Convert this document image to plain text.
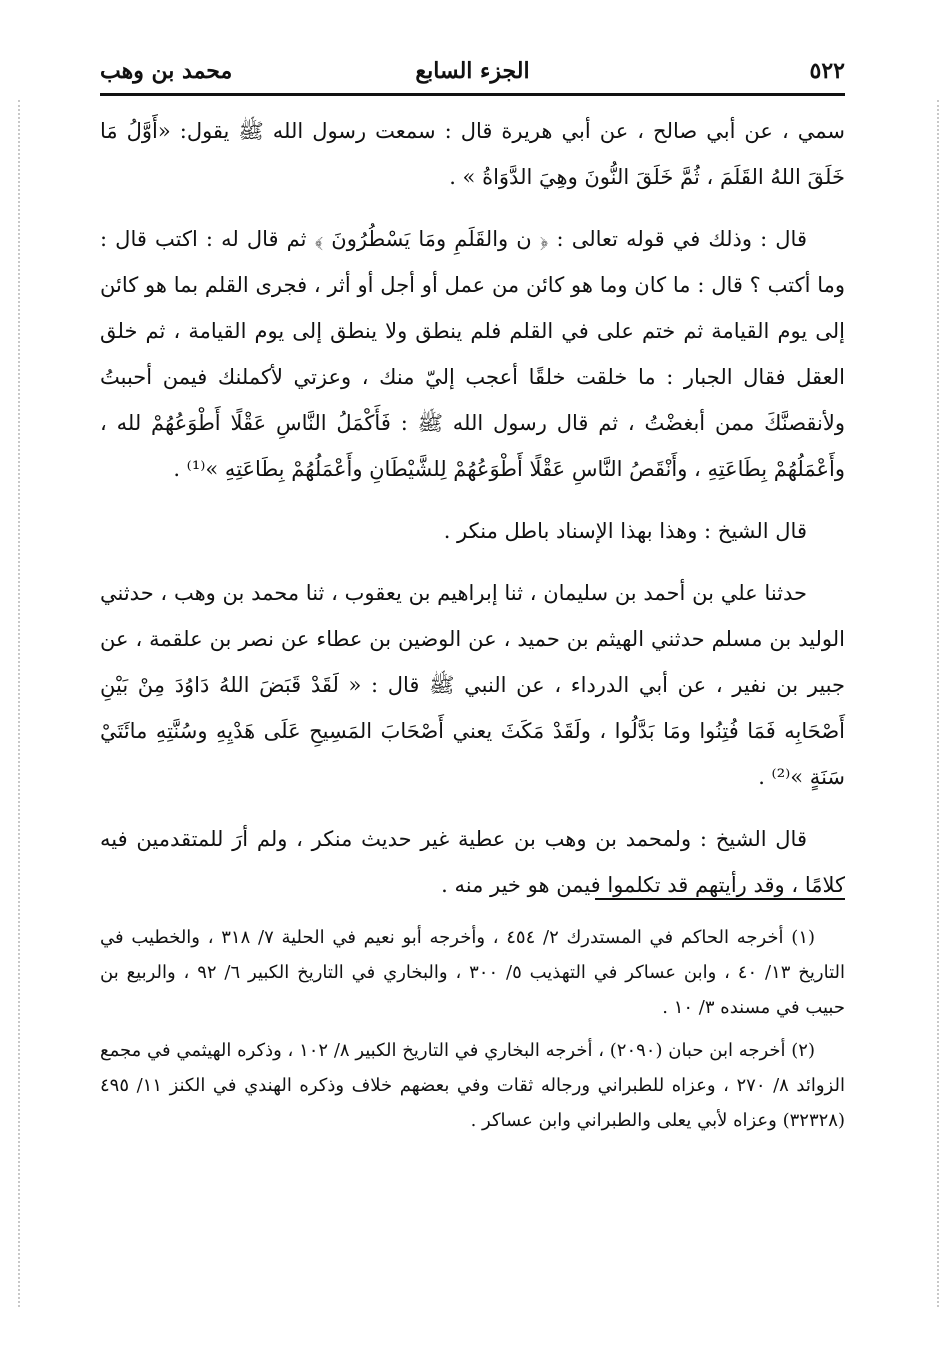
٥٢٢
الجزء السابع
محمد بن وهب

سمي ، عن أبي صالح ، عن أبي هريرة قال : سمعت رسول الله ﷺ يقول: «أَوَّلُ مَا خَلَقَ اللهُ القَلَمَ ، ثُمَّ خَلَقَ النُّونَ وهِيَ الدَّوَاةُ » .

قال : وذلك في قوله تعالى : ﴿ ن والقَلَمِ ومَا يَسْطُرُونَ ﴾ ثم قال له : اكتب قال : وما أكتب ؟ قال : ما كان وما هو كائن من عمل أو أجل أو أثر ، فجرى القلم بما هو كائن إلى يوم القيامة ثم ختم على في القلم فلم ينطق ولا ينطق إلى يوم القيامة ، ثم خلق العقل فقال الجبار : ما خلقت خلقًا أعجب إليّ منك ، وعزتي لأكملنك فيمن أحببتُ ولأنقصنَّكَ ممن أبغضْتُ ، ثم قال رسول الله ﷺ : فَأَكْمَلُ النَّاسِ عَقْلًا أَطْوَعُهُمْ لله ، وأَعْمَلُهُمْ بِطَاعَتِهِ ، وأَنْقَصُ النَّاسِ عَقْلًا أَطْوَعُهُمْ لِلشَّيْطَانِ وأَعْمَلُهُمْ بِطَاعَتِهِ »⁽¹⁾ .

قال الشيخ : وهذا بهذا الإسناد باطل منكر .

حدثنا علي بن أحمد بن سليمان ، ثنا إبراهيم بن يعقوب ، ثنا محمد بن وهب ، حدثني الوليد بن مسلم حدثني الهيثم بن حميد ، عن الوضين بن عطاء عن نصر بن علقمة ، عن جبير بن نفير ، عن أبي الدرداء ، عن النبي ﷺ قال : « لَقَدْ قَبَضَ اللهُ دَاوُدَ مِنْ بَيْنِ أَصْحَابِه فَمَا فُتِنُوا ومَا بَدَّلُوا ، ولَقَدْ مَكَثَ يعني أَصْحَابَ المَسِيحِ عَلَى هَدْيِهِ وسُنَّتِهِ مائَتَيْ سَنَةٍ »⁽²⁾ .

قال الشيخ : ولمحمد بن وهب بن عطية غير حديث منكر ، ولم أرَ للمتقدمين فيه كلامًا ، وقد رأيتهم قد تكلموا فيمن هو خير منه .

(١) أخرجه الحاكم في المستدرك ٢/ ٤٥٤ ، وأخرجه أبو نعيم في الحلية ٧/ ٣١٨ ، والخطيب في التاريخ ١٣/ ٤٠ ، وابن عساكر في التهذيب ٥/ ٣٠٠ ، والبخاري في التاريخ الكبير ٦/ ٩٢ ، والربيع بن حبيب في مسنده ٣/ ١٠ .

(٢) أخرجه ابن حبان (٢٠٩٠) ، أخرجه البخاري في التاريخ الكبير ٨/ ١٠٢ ، وذكره الهيثمي في مجمع الزوائد ٨/ ٢٧٠ ، وعزاه للطبراني ورجاله ثقات وفي بعضهم خلاف وذكره الهندي في الكنز ١١/ ٤٩٥ (٣٢٣٢٨) وعزاه لأبي يعلى والطبراني وابن عساكر .
